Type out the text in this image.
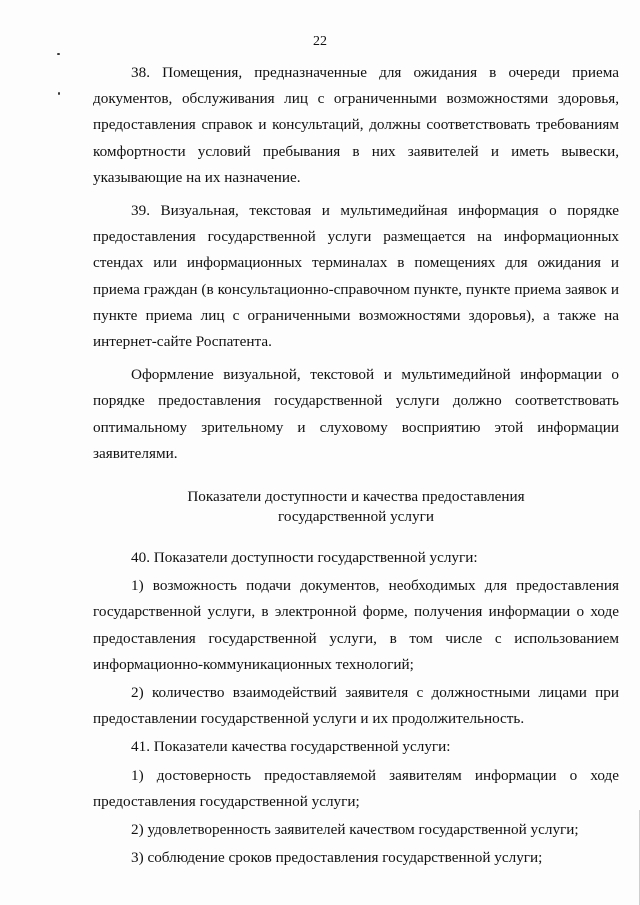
22

38. Помещения, предназначенные для ожидания в очереди приема документов, обслуживания лиц с ограниченными возможностями здоровья, предоставления справок и консультаций, должны соответствовать требованиям комфортности условий пребывания в них заявителей и иметь вывески, указывающие на их назначение.

39. Визуальная, текстовая и мультимедийная информация о порядке предоставления государственной услуги размещается на информационных стендах или информационных терминалах в помещениях для ожидания и приема граждан (в консультационно-справочном пункте, пункте приема заявок и пункте приема лиц с ограниченными возможностями здоровья), а также на интернет-сайте Роспатента.

Оформление визуальной, текстовой и мультимедийной информации о порядке предоставления государственной услуги должно соответствовать оптимальному зрительному и слуховому восприятию этой информации заявителями.

Показатели доступности и качества предоставления
государственной услуги

40. Показатели доступности государственной услуги:

1) возможность подачи документов, необходимых для предоставления государственной услуги, в электронной форме, получения информации о ходе предоставления государственной услуги, в том числе с использованием информационно-коммуникационных технологий;

2) количество взаимодействий заявителя с должностными лицами при предоставлении государственной услуги и их продолжительность.

41. Показатели качества государственной услуги:

1) достоверность предоставляемой заявителям информации о ходе предоставления государственной услуги;

2) удовлетворенность заявителей качеством государственной услуги;

3) соблюдение сроков предоставления государственной услуги;
